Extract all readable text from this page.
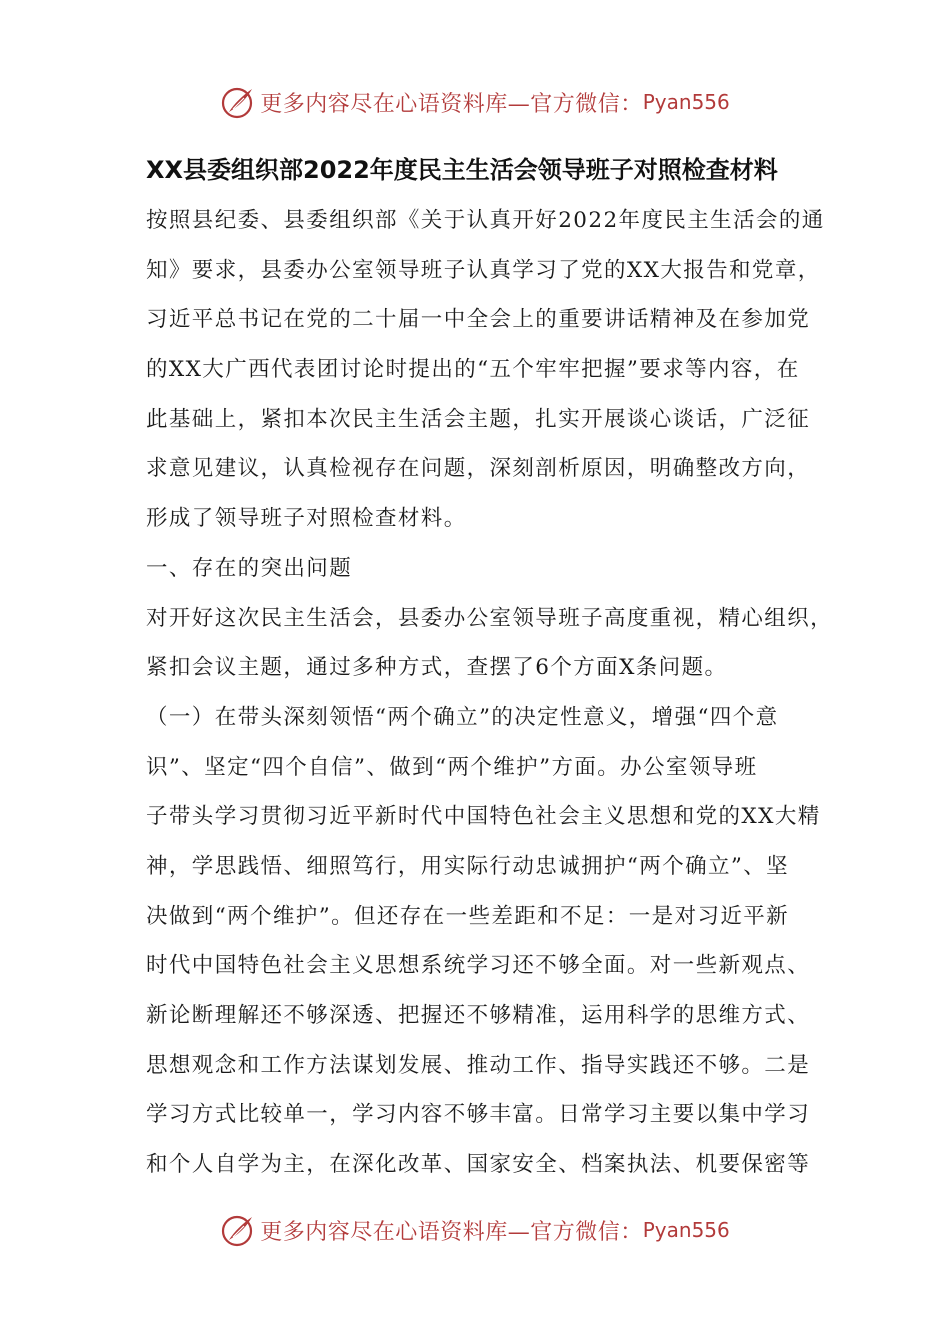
更多内容尽在心语资料库—官方微信： Pyan556
XX县委组织部2022年度民主生活会领导班子对照检查材料
按照县纪委、县委组织部《关于认真开好2022年度民主生活会的通
知》要求，县委办公室领导班子认真学习了党的XX大报告和党章，
习近平总书记在党的二十届一中全会上的重要讲话精神及在参加党
的XX大广西代表团讨论时提出的“五个牢牢把握”要求等内容，在
此基础上，紧扣本次民主生活会主题，扎实开展谈心谈话，广泛征
求意见建议，认真检视存在问题，深刻剖析原因，明确整改方向，
形成了领导班子对照检查材料。
一、存在的突出问题
对开好这次民主生活会，县委办公室领导班子高度重视，精心组织，
紧扣会议主题，通过多种方式，查摆了6个方面X条问题。
（一）在带头深刻领悟“两个确立”的决定性意义，增强“四个意
识”、坚定“四个自信”、做到“两个维护”方面。办公室领导班
子带头学习贯彻习近平新时代中国特色社会主义思想和党的XX大精
神，学思践悟、细照笃行，用实际行动忠诚拥护“两个确立”、坚
决做到“两个维护”。但还存在一些差距和不足：一是对习近平新
时代中国特色社会主义思想系统学习还不够全面。对一些新观点、
新论断理解还不够深透、把握还不够精准，运用科学的思维方式、
思想观念和工作方法谋划发展、推动工作、指导实践还不够。二是
学习方式比较单一，学习内容不够丰富。日常学习主要以集中学习
和个人自学为主，在深化改革、国家安全、档案执法、机要保密等
更多内容尽在心语资料库—官方微信： Pyan556
